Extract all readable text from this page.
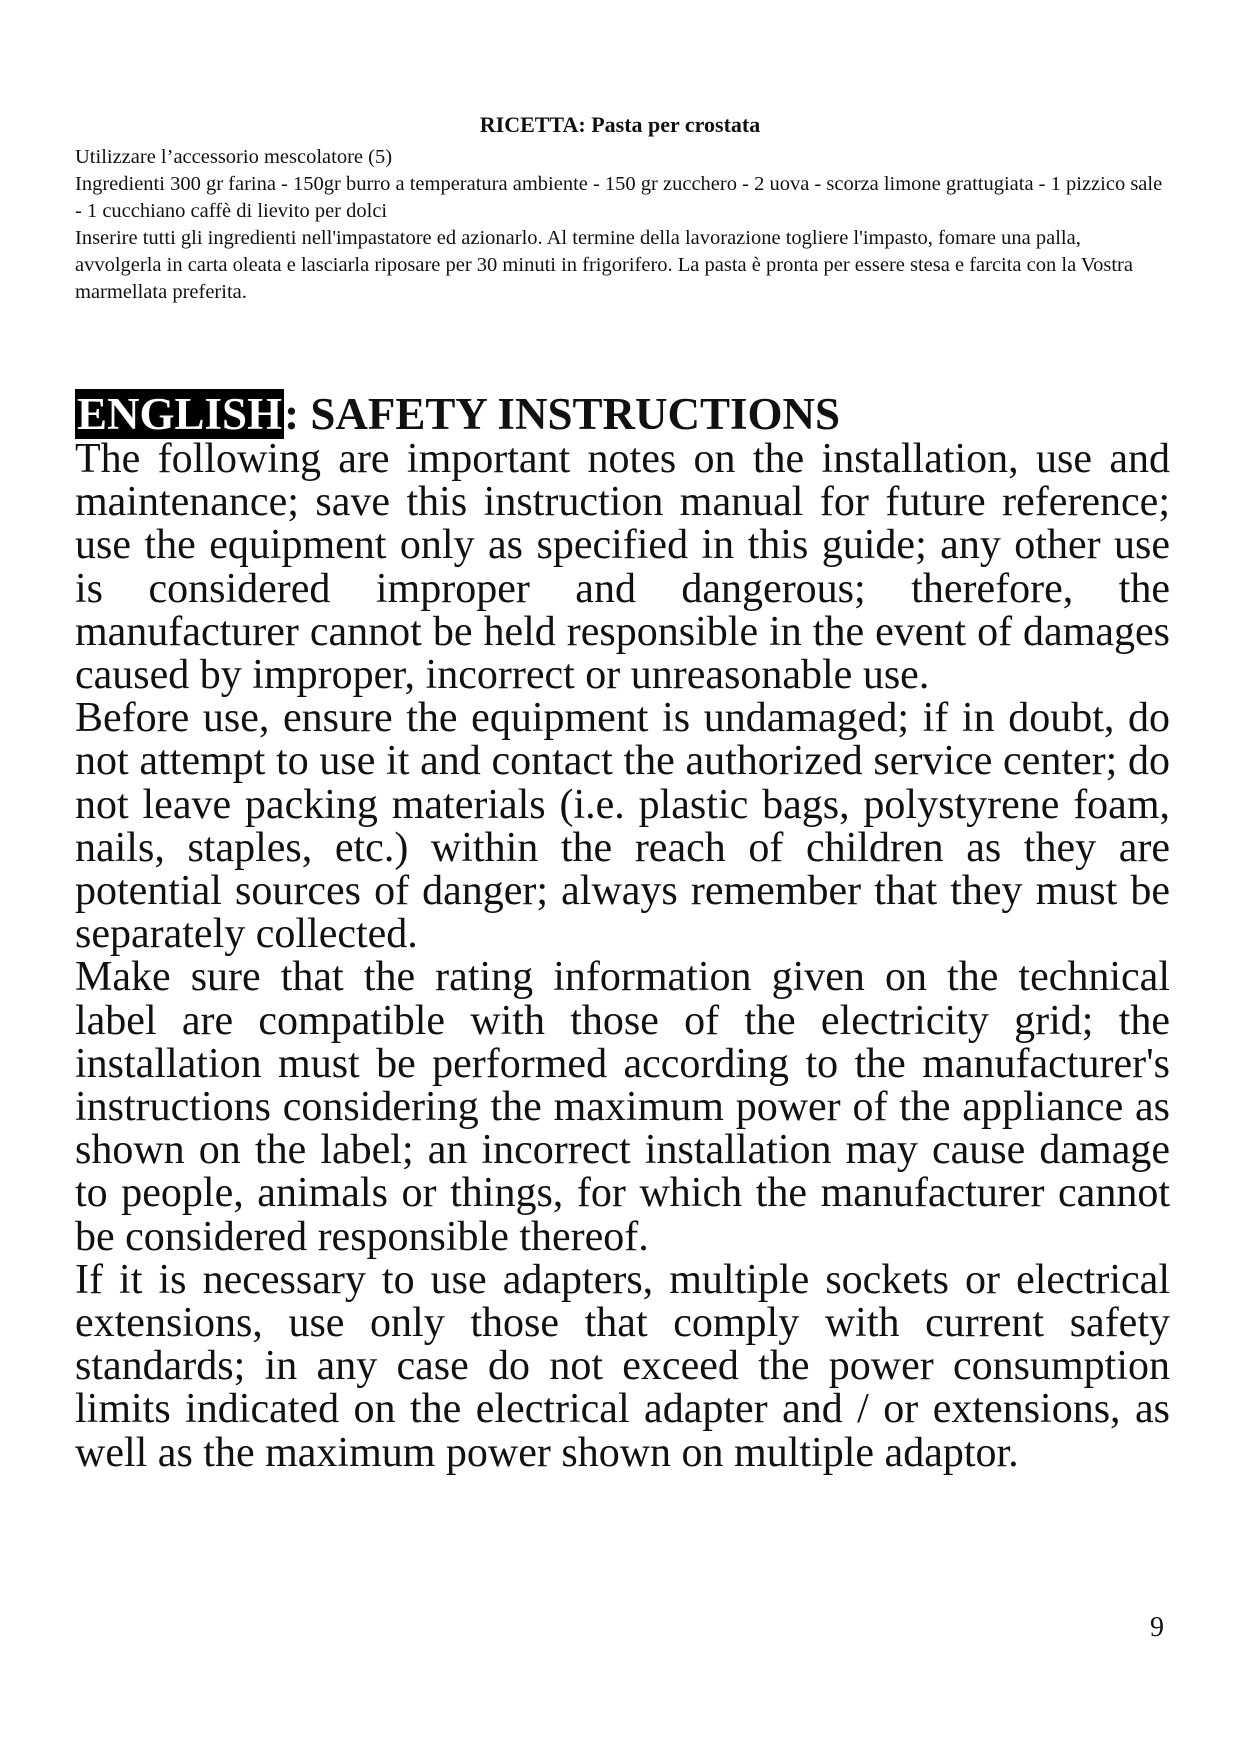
RICETTA: Pasta per crostata

Utilizzare l’accessorio mescolatore (5)

Ingredienti 300 gr farina - 150gr burro a temperatura ambiente - 150 gr zucchero - 2 uova - scorza limone grattugiata - 1 pizzico sale - 1 cucchiano caffè di lievito per dolci

Inserire tutti gli ingredienti nell'impastatore ed azionarlo. Al termine della lavorazione togliere l'impasto, fomare una palla, avvolgerla in carta oleata e lasciarla riposare per 30 minuti in frigorifero. La pasta è pronta per essere stesa e farcita con la Vostra marmellata preferita.

ENGLISH: SAFETY INSTRUCTIONS

The following are important notes on the installation, use and maintenance; save this instruction manual for future reference; use the equipment only as specified in this guide; any other use is considered improper and dangerous; therefore, the manufacturer cannot be held responsible in the event of damages caused by improper, incorrect or unreasonable use.

Before use, ensure the equipment is undamaged; if in doubt, do not attempt to use it and contact the authorized service center; do not leave packing materials (i.e. plastic bags, polystyrene foam, nails, staples, etc.) within the reach of children as they are potential sources of danger; always remember that they must be separately collected.

Make sure that the rating information given on the technical label are compatible with those of the electricity grid; the installation must be performed according to the manufacturer's instructions considering the maximum power of the appliance as shown on the label; an incorrect installation may cause damage to people, animals or things, for which the manufacturer cannot be considered responsible thereof.

If it is necessary to use adapters, multiple sockets or electrical extensions, use only those that comply with current safety standards; in any case do not exceed the power consumption limits indicated on the electrical adapter and / or extensions, as well as the maximum power shown on multiple adaptor.

9
